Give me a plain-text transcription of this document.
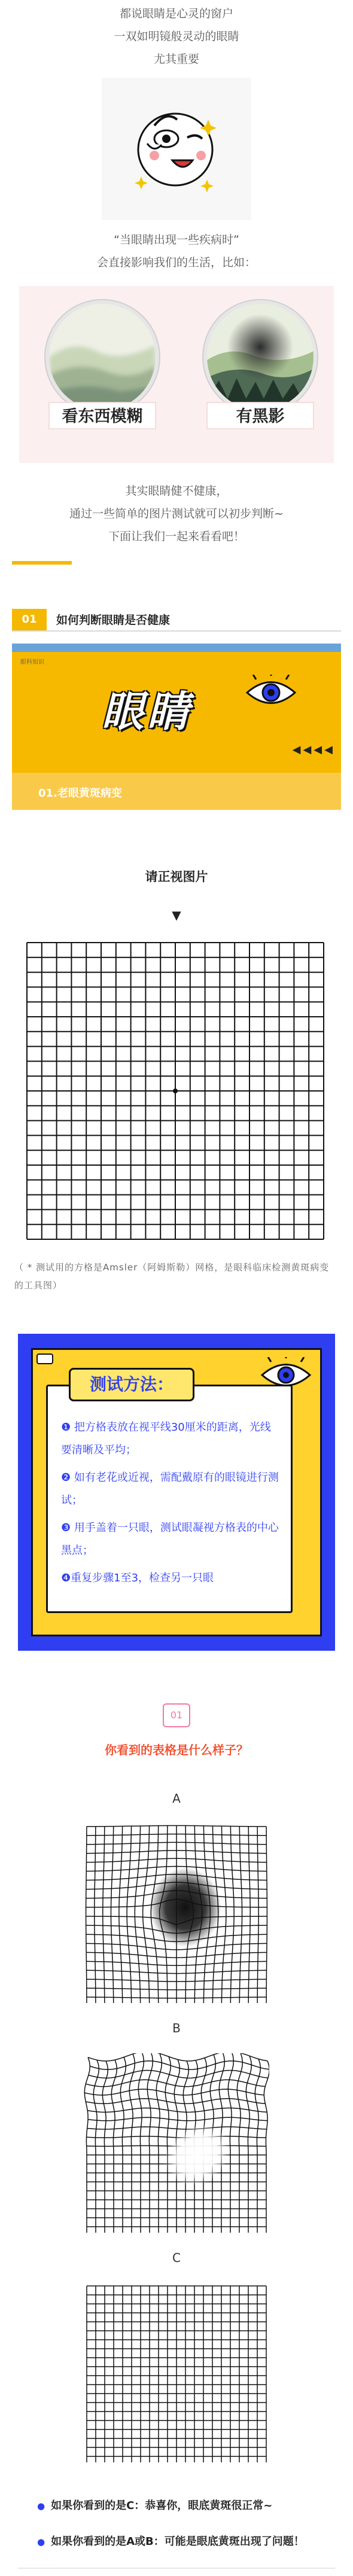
都说眼睛是心灵的窗户

一双如明镜般灵动的眼睛

尤其重要

“当眼睛出现一些疾病时”

会直接影响我们的生活，比如：

看东西模糊	有黑影

其实眼睛健不健康，

通过一些简单的图片测试就可以初步判断~

下面让我们一起来看看吧！

01	如何判断眼睛是否健康
眼科知识
眼睛
◀◀◀◀
01.老眼黄斑病变

请正视图片

▼

（ * 测试用的方格是Amsler（阿姆斯勒）网格，是眼科临床检测黄斑病变的工具图）

测试方法：
❶ 把方格表放在视平线30厘米的距离，光线要清晰及平均；
❷ 如有老花或近视，需配戴原有的眼镜进行测试；
❸ 用手盖着一只眼，测试眼凝视方格表的中心黑点；
❹重复步骤1至3，检查另一只眼
01

你看到的表格是什么样子？

A

B

C

● 如果你看到的是C：恭喜你，眼底黄斑很正常~
● 如果你看到的是A或B：可能是眼底黄斑出现了问题！
